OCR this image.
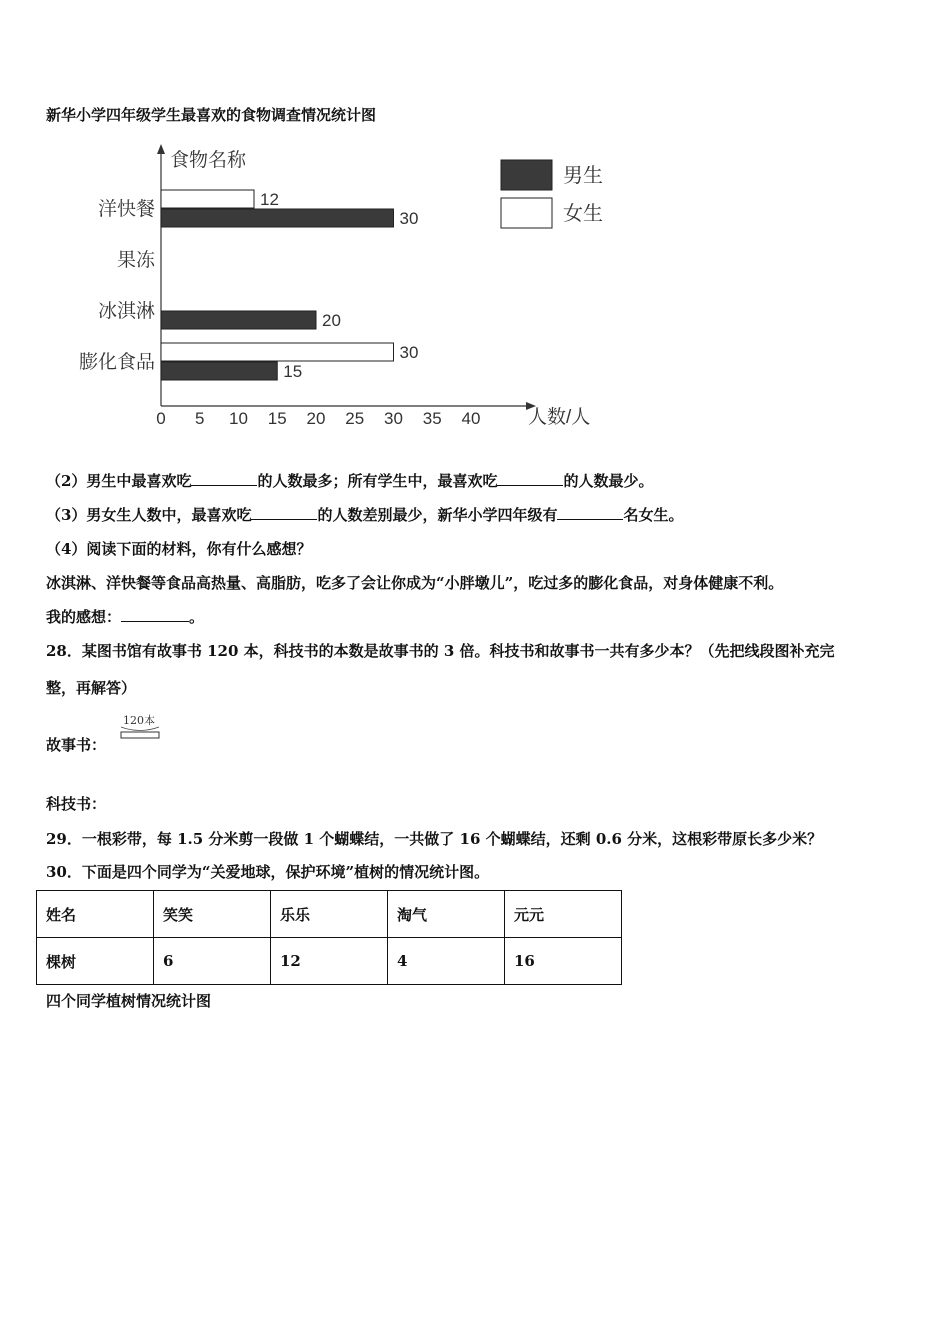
新华小学四年级学生最喜欢的食物调查情况统计图
食物名称
人数/人
0 5 10 15 20 25 30 35 40
洋快餐	12
30
果冻
冰淇淋	20
膨化食品	30
15
男生
女生
（2）男生中最喜欢吃	的人数最多；所有学生中，最喜欢吃	的人数最少。
（3）男女生人数中，最喜欢吃	的人数差别最少，新华小学四年级有	名女生。
（4）阅读下面的材料，你有什么感想？
冰淇淋、洋快餐等食品高热量、高脂肪，吃多了会让你成为“小胖墩儿”，吃过多的膨化食品，对身体健康不利。
我的感想：	。
28．某图书馆有故事书 120 本，科技书的本数是故事书的 3 倍。科技书和故事书一共有多少本？（先把线段图补充完
整，再解答）
故事书：
120本
科技书：
29．一根彩带，每 1.5 分米剪一段做 1 个蝴蝶结，一共做了 16 个蝴蝶结，还剩 0.6 分米，这根彩带原长多少米？
30．下面是四个同学为“关爱地球，保护环境”植树的情况统计图。
姓名	笑笑	乐乐	淘气	元元
棵树	6	12	4	16
四个同学植树情况统计图
